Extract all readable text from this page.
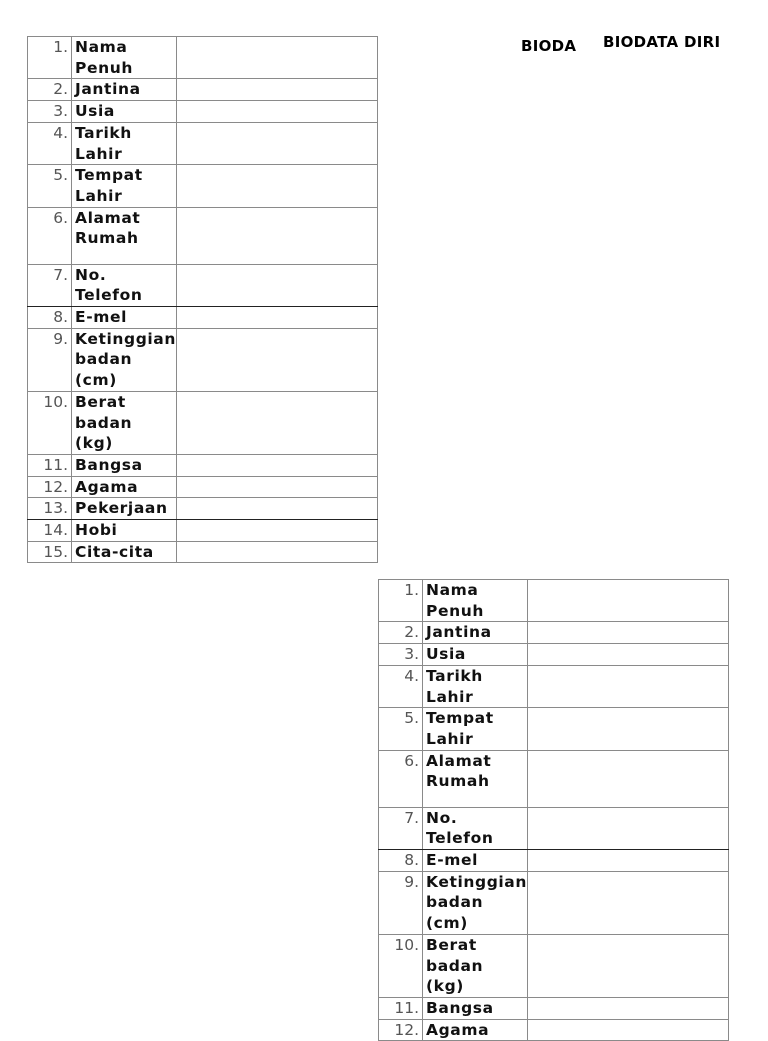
BIODA	BIODATA DIRI
1.	Nama Penuh	
2.	Jantina	
3.	Usia	
4.	Tarikh Lahir	
5.	Tempat Lahir	
6.	Alamat Rumah	
7.	No. Telefon	
8.	E-mel	
9.	Ketinggian badan (cm)	
10.	Berat badan (kg)	
11.	Bangsa	
12.	Agama	
13.	Pekerjaan	
14.	Hobi	
15.	Cita-cita	
1.	Nama Penuh	
2.	Jantina	
3.	Usia	
4.	Tarikh Lahir	
5.	Tempat Lahir	
6.	Alamat Rumah	
7.	No. Telefon	
8.	E-mel	
9.	Ketinggian badan (cm)	
10.	Berat badan (kg)	
11.	Bangsa	
12.	Agama	
